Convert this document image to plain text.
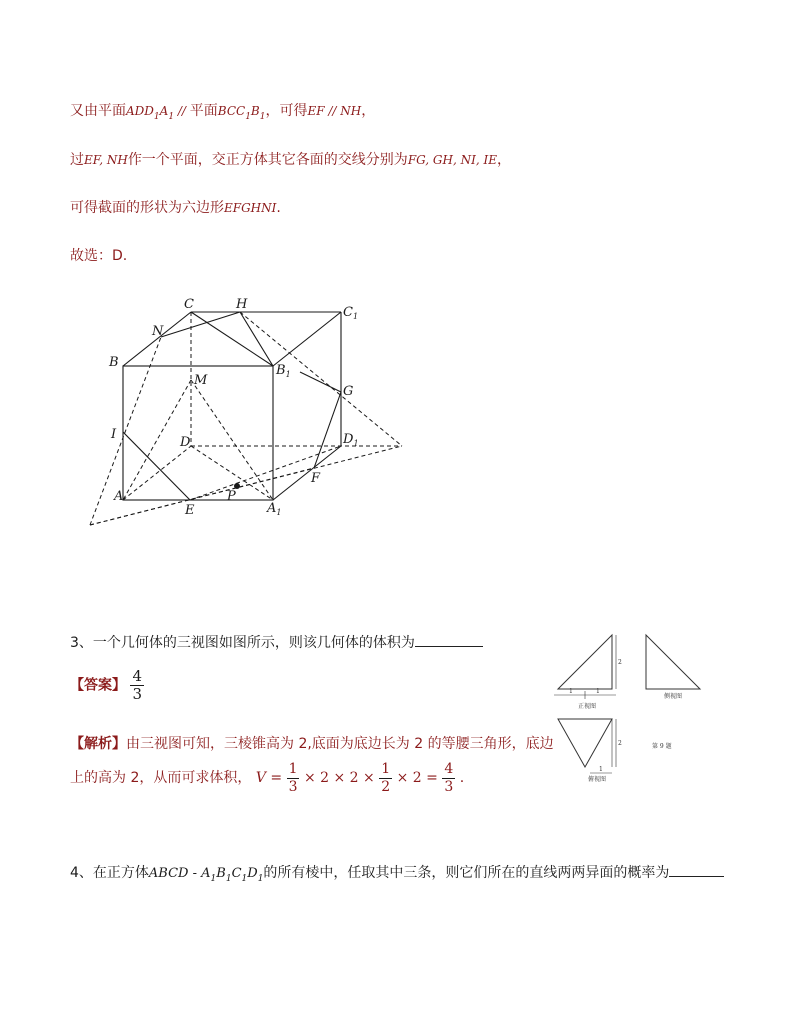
又由平面$ADD_1A_1$ // 平面$BCC_1B_1$，可得EF // NH，
过EF, NH作一个平面，交正方体其它各面的交线分别为FG, GH, NI, IE，
可得截面的形状为六边形EFGHNI.
故选：D.
C	H
$C_1$
N
B
$B_1$
M
G
I
D	$D_1$
F
A	P
E	$A_1$
3、一个几何体的三视图如图所示，则该几何体的体积为
【答案】 $\frac{4}{3}$
【解析】由三视图可知，三棱锥高为 2,底面为底边长为 2 的等腰三角形，底边
上的高为 2，从而可求体积， $V = \frac{1}{3} \times 2 \times 2 \times \frac{1}{2} \times 2 = \frac{4}{3}$ .
2
1	1
正视图
侧视图
2
1
俯视图
第 9 题
4、在正方体ABCD - $A_1B_1C_1D_1$的所有棱中，任取其中三条，则它们所在的直线两两异面的概率为
